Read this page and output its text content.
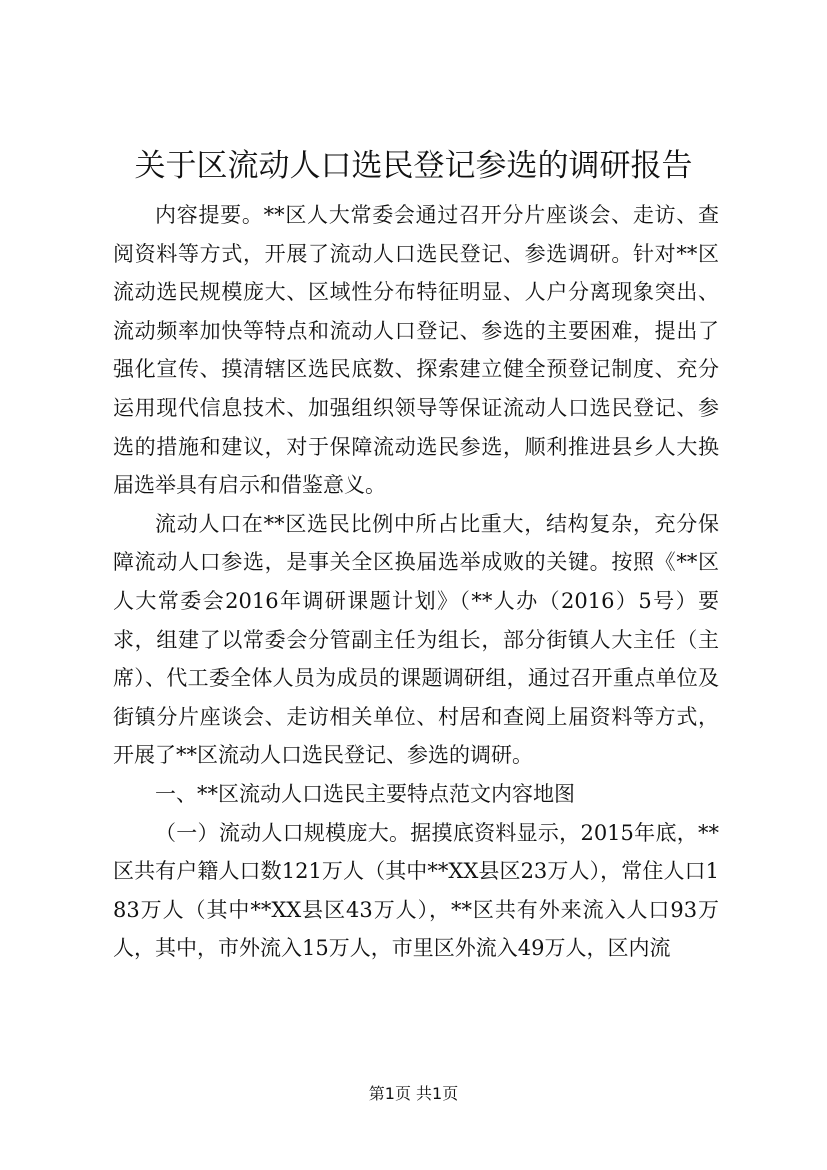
关于区流动人口选民登记参选的调研报告

内容提要。**区人大常委会通过召开分片座谈会、走访、查阅资料等方式，开展了流动人口选民登记、参选调研。针对**区流动选民规模庞大、区域性分布特征明显、人户分离现象突出、流动频率加快等特点和流动人口登记、参选的主要困难，提出了强化宣传、摸清辖区选民底数、探索建立健全预登记制度、充分运用现代信息技术、加强组织领导等保证流动人口选民登记、参选的措施和建议，对于保障流动选民参选，顺利推进县乡人大换届选举具有启示和借鉴意义。

流动人口在**区选民比例中所占比重大，结构复杂，充分保障流动人口参选，是事关全区换届选举成败的关键。按照《**区人大常委会2016年调研课题计划》（**人办（2016）5号）要求，组建了以常委会分管副主任为组长，部分街镇人大主任（主席）、代工委全体人员为成员的课题调研组，通过召开重点单位及街镇分片座谈会、走访相关单位、村居和查阅上届资料等方式，开展了**区流动人口选民登记、参选的调研。

一、**区流动人口选民主要特点范文内容地图

（一）流动人口规模庞大。据摸底资料显示，2015年底，**区共有户籍人口数121万人（其中**XX县区23万人），常住人口183万人（其中**XX县区43万人），**区共有外来流入人口93万人，其中，市外流入15万人，市里区外流入49万人，区内流

第1页 共1页
